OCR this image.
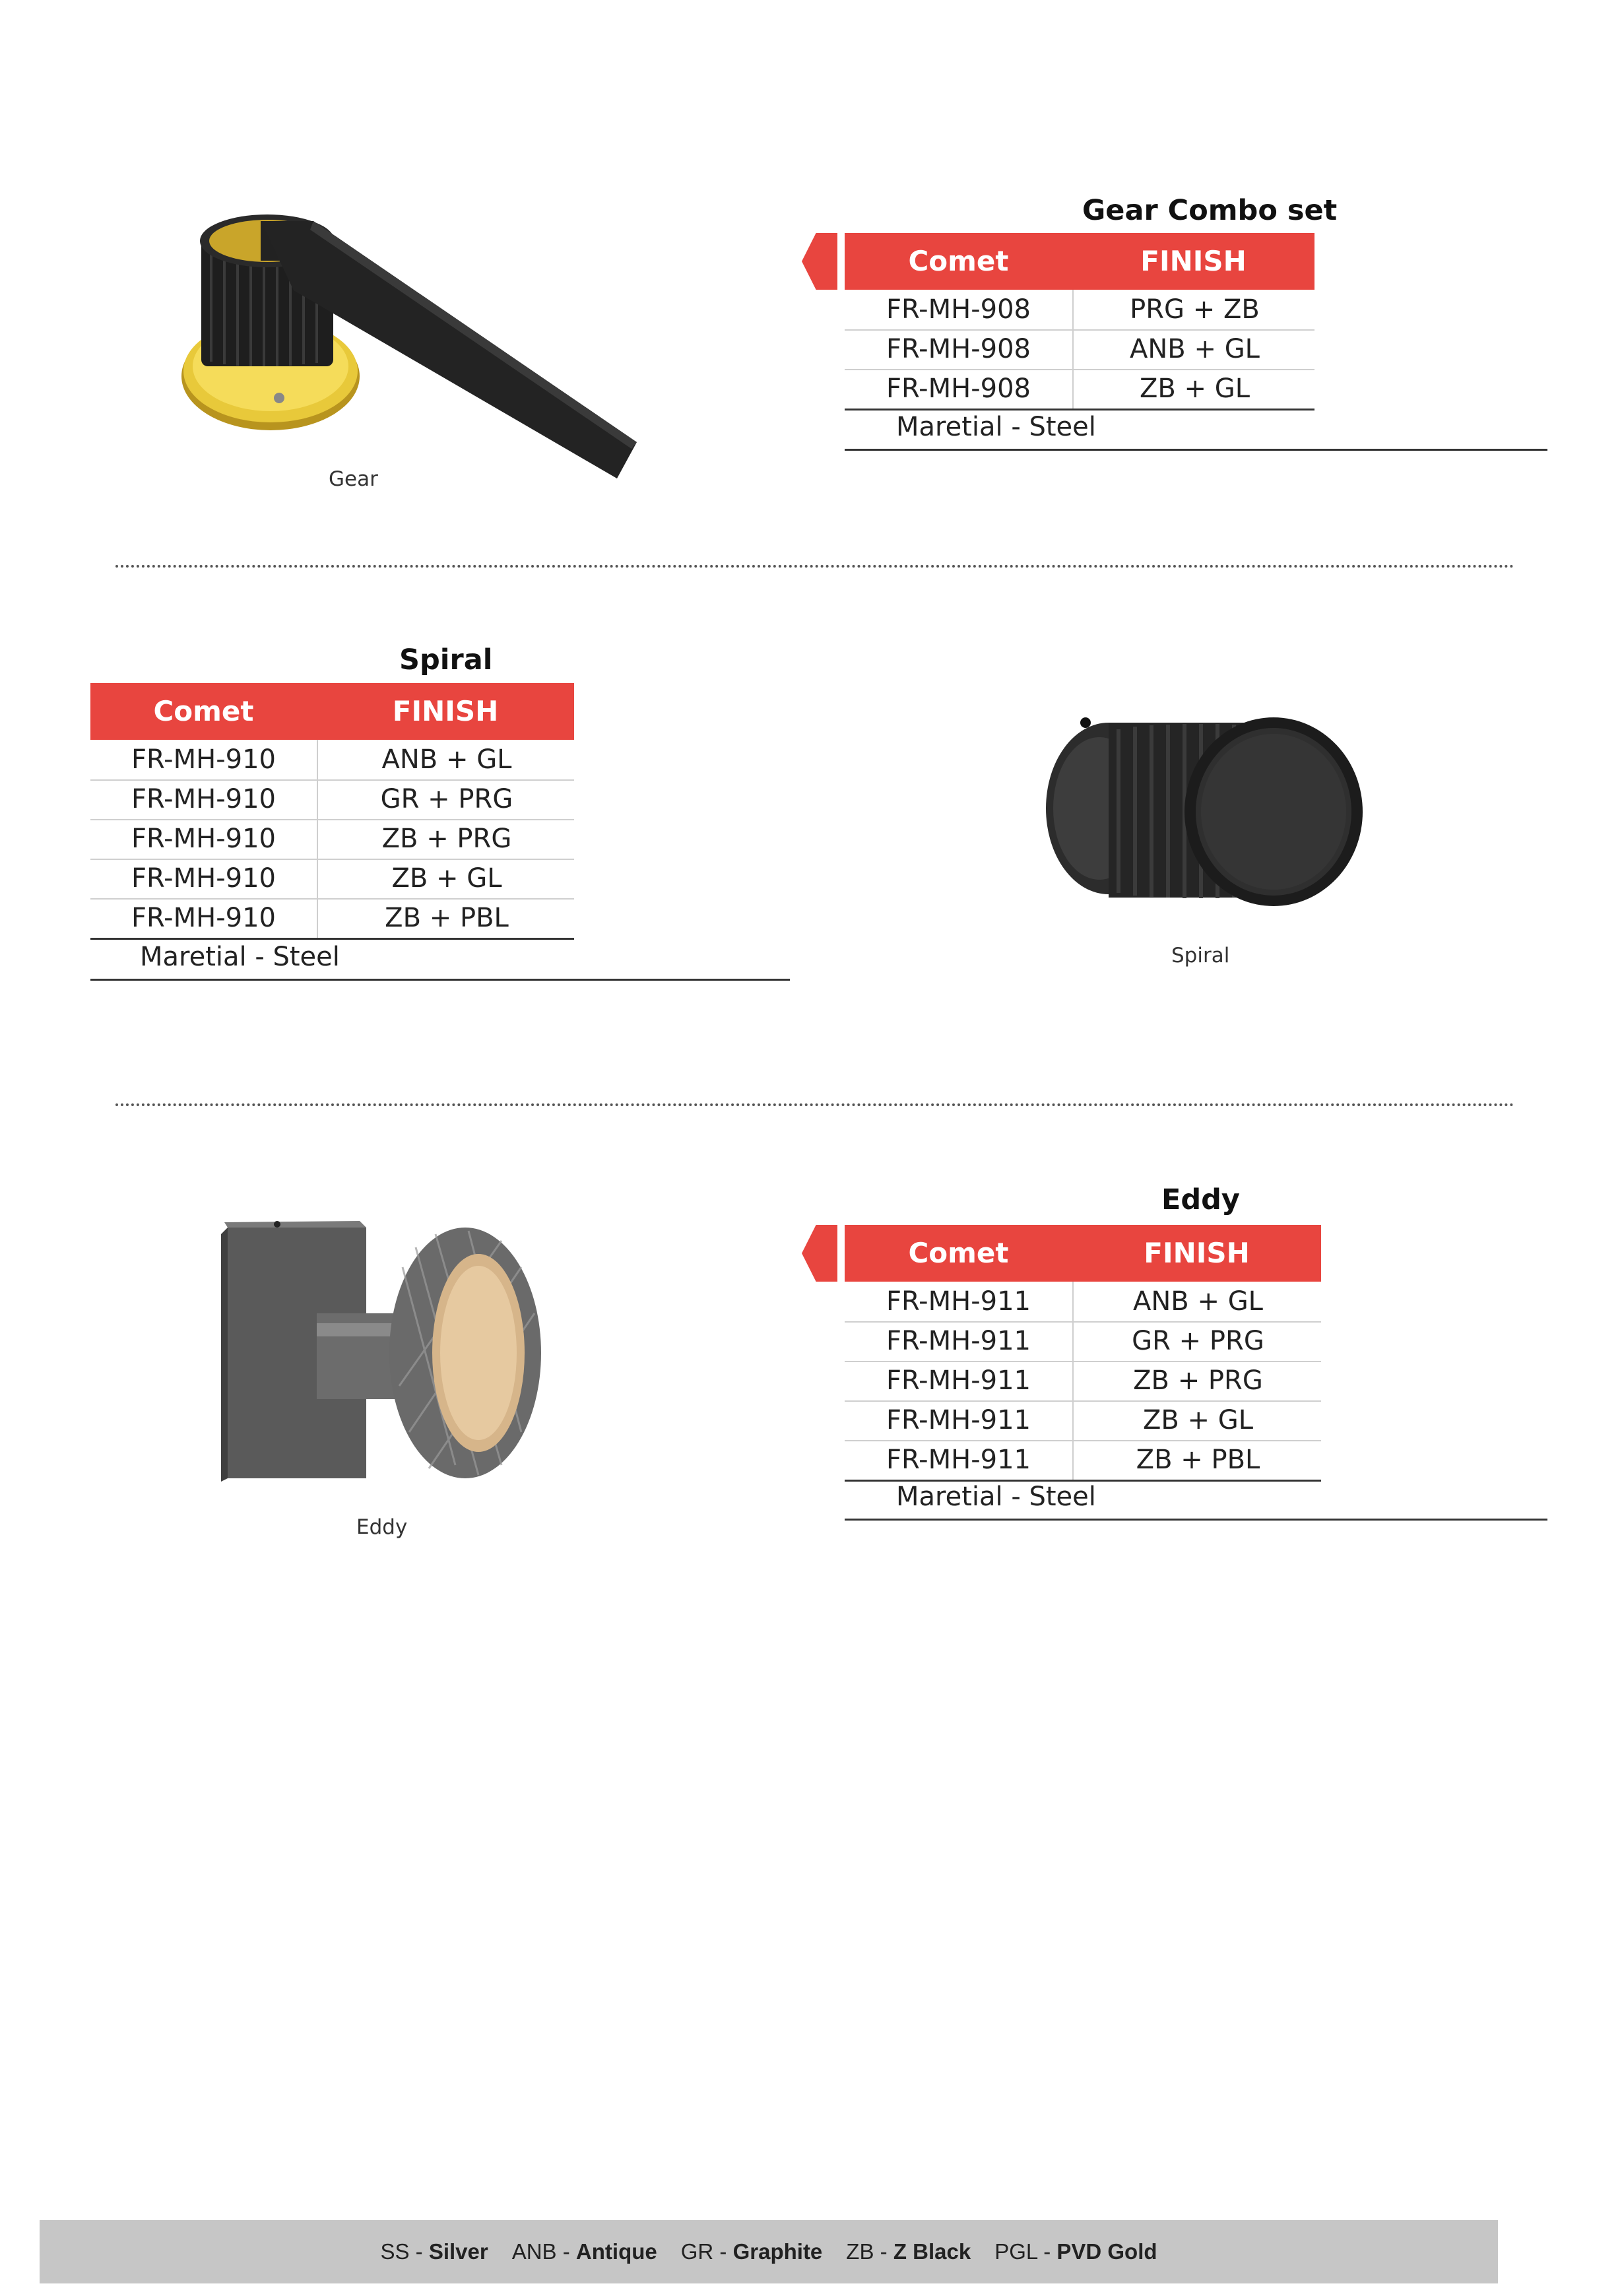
Gear
Gear Combo set
Comet	FINISH
FR-MH-908	PRG + ZB
FR-MH-908	ANB + GL
FR-MH-908	ZB + GL
Maretial - Steel
Spiral
Comet	FINISH
FR-MH-910	ANB + GL
FR-MH-910	GR + PRG
FR-MH-910	ZB + PRG
FR-MH-910	ZB + GL
FR-MH-910	ZB + PBL
Maretial - Steel	Spiral
Eddy
Eddy
Comet	FINISH
FR-MH-911	ANB + GL
FR-MH-911	GR + PRG
FR-MH-911	ZB + PRG
FR-MH-911	ZB + GL
FR-MH-911	ZB + PBL
Maretial - Steel
SS - Silver ANB - Antique GR - Graphite ZB - Z Black PGL - PVD Gold
